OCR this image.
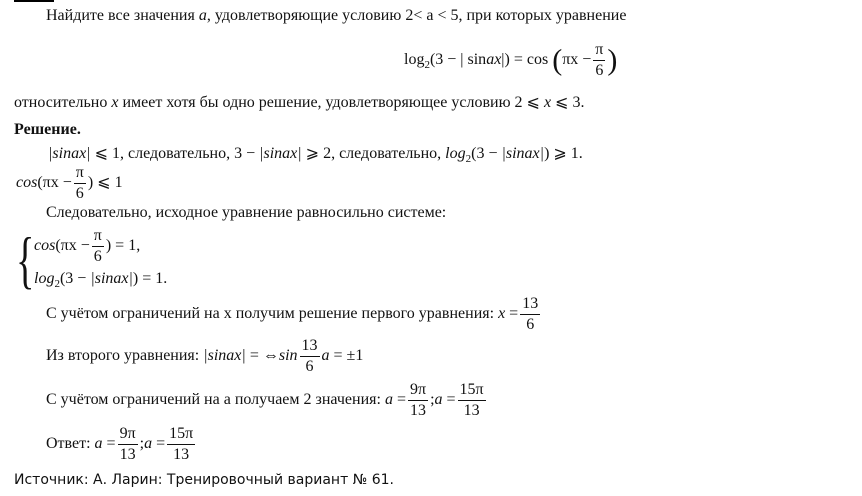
Найдите все значения a, удовлетворяющие условию 2< a < 5, при которых уравнение
$\log_2(3$ − | sinax|) = $\cos (\pi x - \frac{\pi}{6}$ )
относительно x имеет хотя бы одно решение, удовлетворяющее условию 2 ⩽ x ⩽ 3.
Решение.
|sinax| ⩽ 1, следовательно, 3 − |sinax| ⩾ 2, следовательно, $\log_2(3$ − |sinax|) ⩾ 1.
$\cos(\pi x - \frac{\pi}{6}$ ) ⩽ 1
Следовательно, исходное уравнение равносильно системе:
{ $\cos(\pi x - \frac{\pi}{6}$ ) = 1,
$\log_2(3$ − |sinax|) = 1.
С учётом ограничений на х получим решение первого уравнения: $x = \frac{13}{6}$
Из второго уравнения: |sinax| = ⇔sin $\frac{13}{6}$ a = ±1
С учётом ограничений на а получаем 2 значения: $a = \frac{9\pi}{13}$ ;a = $\frac{15\pi}{13}$
Ответ: $a = \frac{9\pi}{13}$ ;a = $\frac{15\pi}{13}$
Источник: А. Ларин: Тренировочный вариант № 61.
